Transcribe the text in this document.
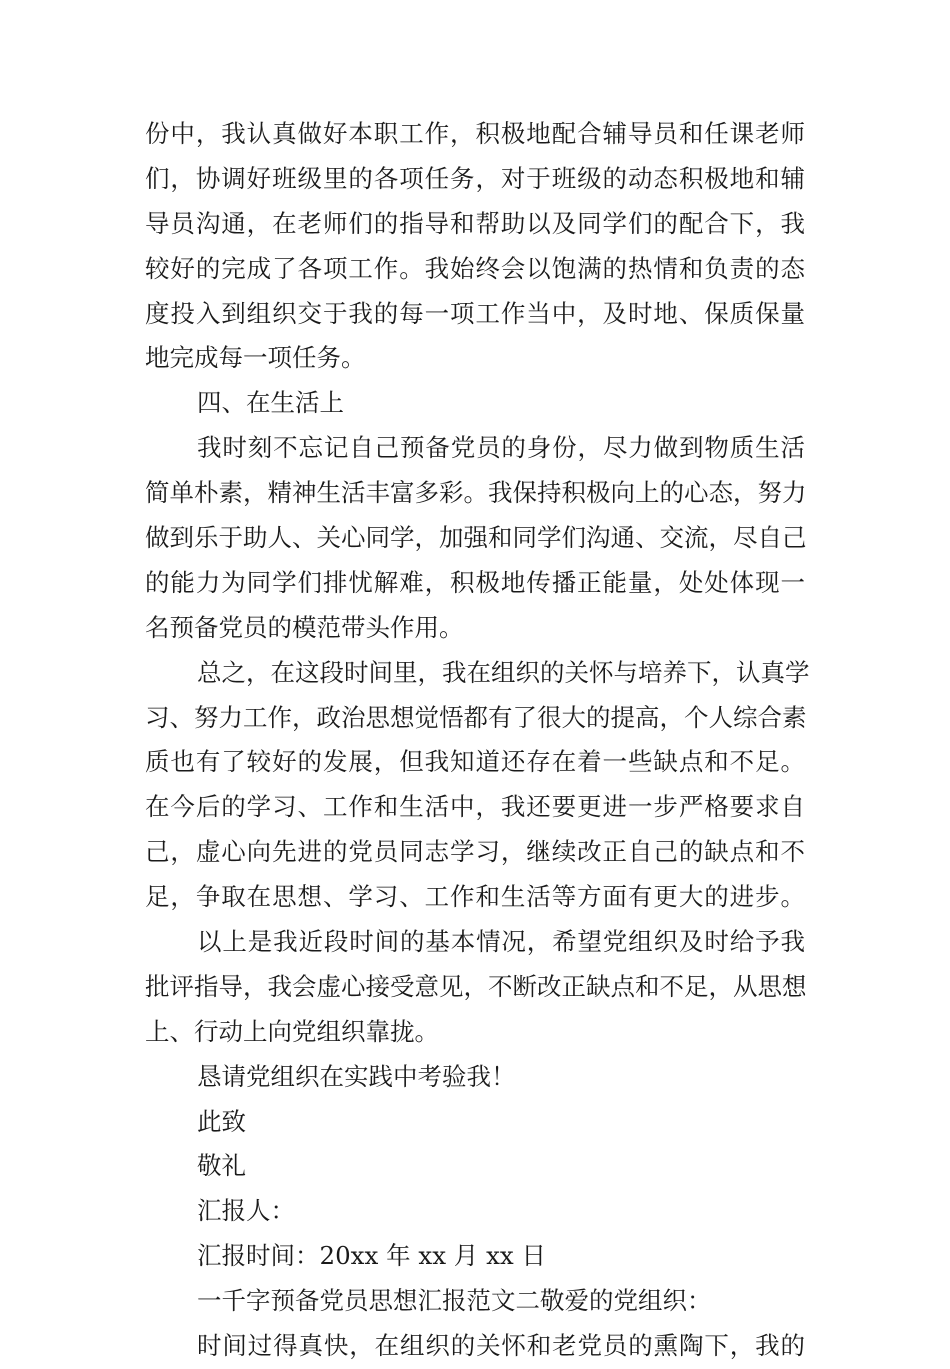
份中，我认真做好本职工作，积极地配合辅导员和任课老师
们，协调好班级里的各项任务，对于班级的动态积极地和辅
导员沟通，在老师们的指导和帮助以及同学们的配合下，我
较好的完成了各项工作。我始终会以饱满的热情和负责的态
度投入到组织交于我的每一项工作当中，及时地、保质保量
地完成每一项任务。
四、在生活上
我时刻不忘记自己预备党员的身份，尽力做到物质生活
简单朴素，精神生活丰富多彩。我保持积极向上的心态，努力
做到乐于助人、关心同学，加强和同学们沟通、交流，尽自己
的能力为同学们排忧解难，积极地传播正能量，处处体现一
名预备党员的模范带头作用。
总之，在这段时间里，我在组织的关怀与培养下，认真学
习、努力工作，政治思想觉悟都有了很大的提高，个人综合素
质也有了较好的发展，但我知道还存在着一些缺点和不足。
在今后的学习、工作和生活中，我还要更进一步严格要求自
己，虚心向先进的党员同志学习，继续改正自己的缺点和不
足，争取在思想、学习、工作和生活等方面有更大的进步。
以上是我近段时间的基本情况，希望党组织及时给予我
批评指导，我会虚心接受意见，不断改正缺点和不足，从思想
上、行动上向党组织靠拢。
恳请党组织在实践中考验我！
此致
敬礼
汇报人：
汇报时间：20xx 年 xx 月 xx 日
一千字预备党员思想汇报范文二敬爱的党组织：
时间过得真快，在组织的关怀和老党员的熏陶下，我的
